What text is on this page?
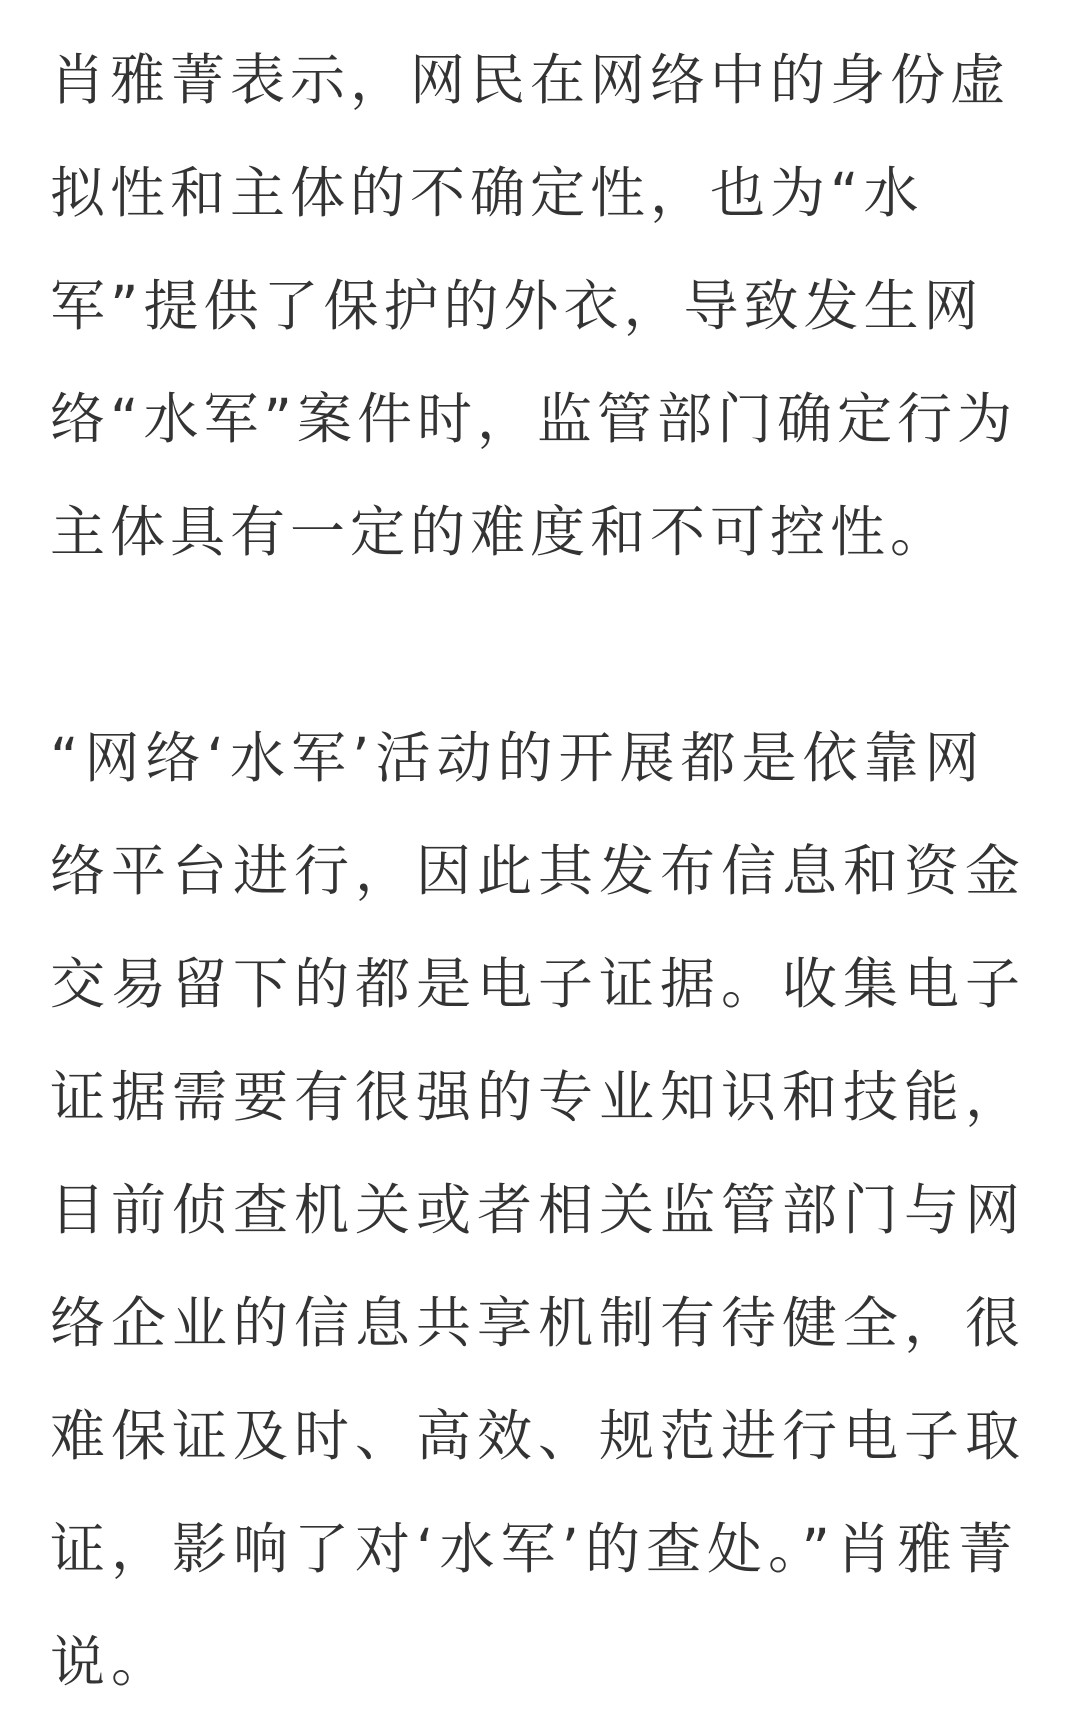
肖雅菁表示，网民在网络中的身份虚拟性和主体的不确定性，也为“水军”提供了保护的外衣，导致发生网络“水军”案件时，监管部门确定行为主体具有一定的难度和不可控性。

“网络‘水军’活动的开展都是依靠网络平台进行，因此其发布信息和资金交易留下的都是电子证据。收集电子证据需要有很强的专业知识和技能，目前侦查机关或者相关监管部门与网络企业的信息共享机制有待健全，很难保证及时、高效、规范进行电子取证，影响了对‘水军’的查处。”肖雅菁说。
